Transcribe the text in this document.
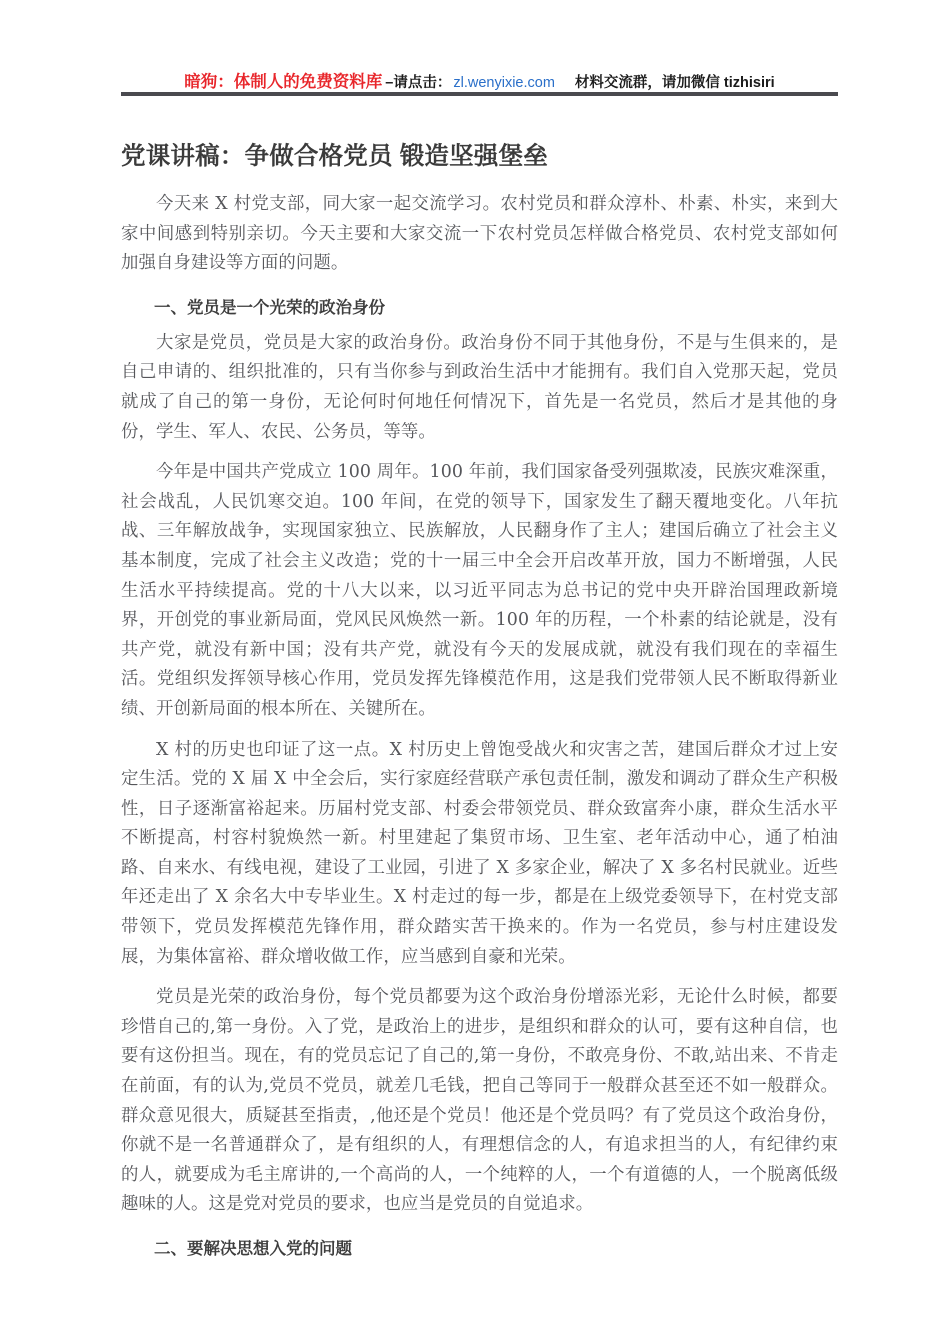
暗狗：体制人的免费资料库 –请点击： zl.wenyixie.com 材料交流群，请加微信 tizhisiri
党课讲稿：争做合格党员 锻造坚强堡垒

今天来 X 村党支部，同大家一起交流学习。农村党员和群众淳朴、朴素、朴实，来到大家中间感到特别亲切。今天主要和大家交流一下农村党员怎样做合格党员、农村党支部如何加强自身建设等方面的问题。

一、党员是一个光荣的政治身份

大家是党员，党员是大家的政治身份。政治身份不同于其他身份，不是与生俱来的，是自己申请的、组织批准的，只有当你参与到政治生活中才能拥有。我们自入党那天起，党员就成了自己的第一身份，无论何时何地任何情况下，首先是一名党员，然后才是其他的身份，学生、军人、农民、公务员，等等。

今年是中国共产党成立 100 周年。100 年前，我们国家备受列强欺凌，民族灾难深重，社会战乱，人民饥寒交迫。100 年间，在党的领导下，国家发生了翻天覆地变化。八年抗战、三年解放战争，实现国家独立、民族解放，人民翻身作了主人；建国后确立了社会主义基本制度，完成了社会主义改造；党的十一届三中全会开启改革开放，国力不断增强，人民生活水平持续提高。党的十八大以来，以习近平同志为总书记的党中央开辟治国理政新境界，开创党的事业新局面，党风民风焕然一新。100 年的历程，一个朴素的结论就是，没有共产党，就没有新中国；没有共产党，就没有今天的发展成就，就没有我们现在的幸福生活。党组织发挥领导核心作用，党员发挥先锋模范作用，这是我们党带领人民不断取得新业绩、开创新局面的根本所在、关键所在。

X 村的历史也印证了这一点。X 村历史上曾饱受战火和灾害之苦，建国后群众才过上安定生活。党的 X 届 X 中全会后，实行家庭经营联产承包责任制，激发和调动了群众生产积极性，日子逐渐富裕起来。历届村党支部、村委会带领党员、群众致富奔小康，群众生活水平不断提高，村容村貌焕然一新。村里建起了集贸市场、卫生室、老年活动中心，通了柏油路、自来水、有线电视，建设了工业园，引进了 X 多家企业，解决了 X 多名村民就业。近些年还走出了 X 余名大中专毕业生。X 村走过的每一步，都是在上级党委领导下，在村党支部带领下，党员发挥模范先锋作用，群众踏实苦干换来的。作为一名党员，参与村庄建设发展，为集体富裕、群众增收做工作，应当感到自豪和光荣。

党员是光荣的政治身份，每个党员都要为这个政治身份增添光彩，无论什么时候，都要珍惜自己的‚第一身份。入了党，是政治上的进步，是组织和群众的认可，要有这种自信，也要有这份担当。现在，有的党员忘记了自己的‚第一身份，不敢亮身份、不敢‚站出来、不肯走在前面，有的认为‚党员不党员，就差几毛钱，把自己等同于一般群众甚至还不如一般群众。群众意见很大，质疑甚至指责，‚他还是个党员！他还是个党员吗？有了党员这个政治身份，你就不是一名普通群众了，是有组织的人，有理想信念的人，有追求担当的人，有纪律约束的人，就要成为毛主席讲的‚一个高尚的人，一个纯粹的人，一个有道德的人，一个脱离低级趣味的人。这是党对党员的要求，也应当是党员的自觉追求。

二、要解决思想入党的问题
